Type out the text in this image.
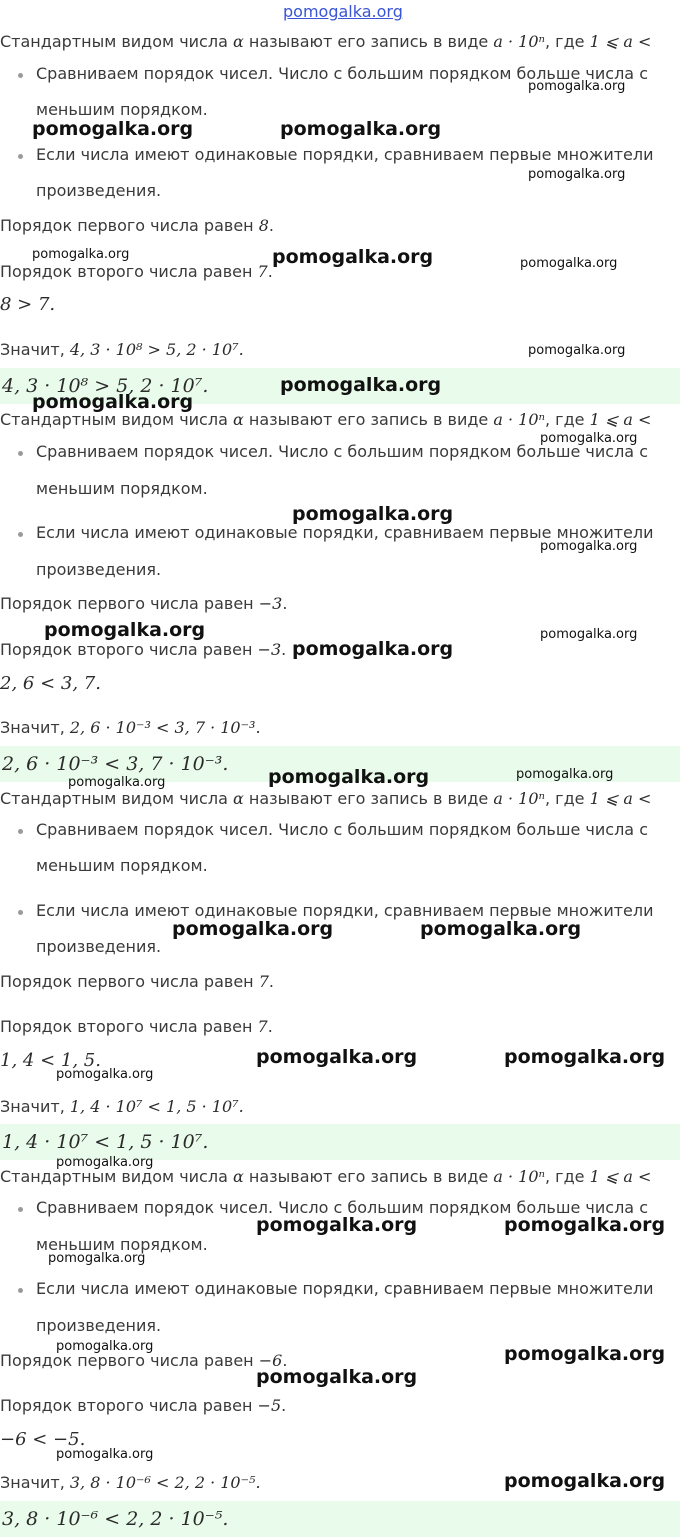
pomogalka.org
Стандартным видом числа α называют его запись в виде a · 10ⁿ, где 1 ⩽ a <
Сравниваем порядок чисел. Число с большим порядком больше числа с
меньшим порядком.
Если числа имеют одинаковые порядки, сравниваем первые множители
произведения.
Порядок первого числа равен 8.
Порядок второго числа равен 7.
8 > 7.
Значит, 4, 3 · 10⁸ > 5, 2 · 10⁷.
4, 3 · 10⁸ > 5, 2 · 10⁷.
Стандартным видом числа α называют его запись в виде a · 10ⁿ, где 1 ⩽ a <
Сравниваем порядок чисел. Число с большим порядком больше числа с
меньшим порядком.
Если числа имеют одинаковые порядки, сравниваем первые множители
произведения.
Порядок первого числа равен −3.
Порядок второго числа равен −3.
2, 6 < 3, 7.
Значит, 2, 6 · 10⁻³ < 3, 7 · 10⁻³.
2, 6 · 10⁻³ < 3, 7 · 10⁻³.
Стандартным видом числа α называют его запись в виде a · 10ⁿ, где 1 ⩽ a <
Сравниваем порядок чисел. Число с большим порядком больше числа с
меньшим порядком.
Если числа имеют одинаковые порядки, сравниваем первые множители
произведения.
Порядок первого числа равен 7.
Порядок второго числа равен 7.
1, 4 < 1, 5.
Значит, 1, 4 · 10⁷ < 1, 5 · 10⁷.
1, 4 · 10⁷ < 1, 5 · 10⁷.
Стандартным видом числа α называют его запись в виде a · 10ⁿ, где 1 ⩽ a <
Сравниваем порядок чисел. Число с большим порядком больше числа с
меньшим порядком.
Если числа имеют одинаковые порядки, сравниваем первые множители
произведения.
Порядок первого числа равен −6.
Порядок второго числа равен −5.
−6 < −5.
Значит, 3, 8 · 10⁻⁶ < 2, 2 · 10⁻⁵.
3, 8 · 10⁻⁶ < 2, 2 · 10⁻⁵.
pomogalka.org	pomogalka.org
pomogalka.org
pomogalka.org
pomogalka.org	pomogalka.org	pomogalka.org
pomogalka.org
pomogalka.org
pomogalka.org
pomogalka.org
pomogalka.org
pomogalka.org
pomogalka.org	pomogalka.org
pomogalka.org
pomogalka.org	pomogalka.org	pomogalka.org
pomogalka.org	pomogalka.org
pomogalka.org	pomogalka.org
pomogalka.org
pomogalka.org
pomogalka.org	pomogalka.org
pomogalka.org
pomogalka.org	pomogalka.org
pomogalka.org
pomogalka.org
pomogalka.org
